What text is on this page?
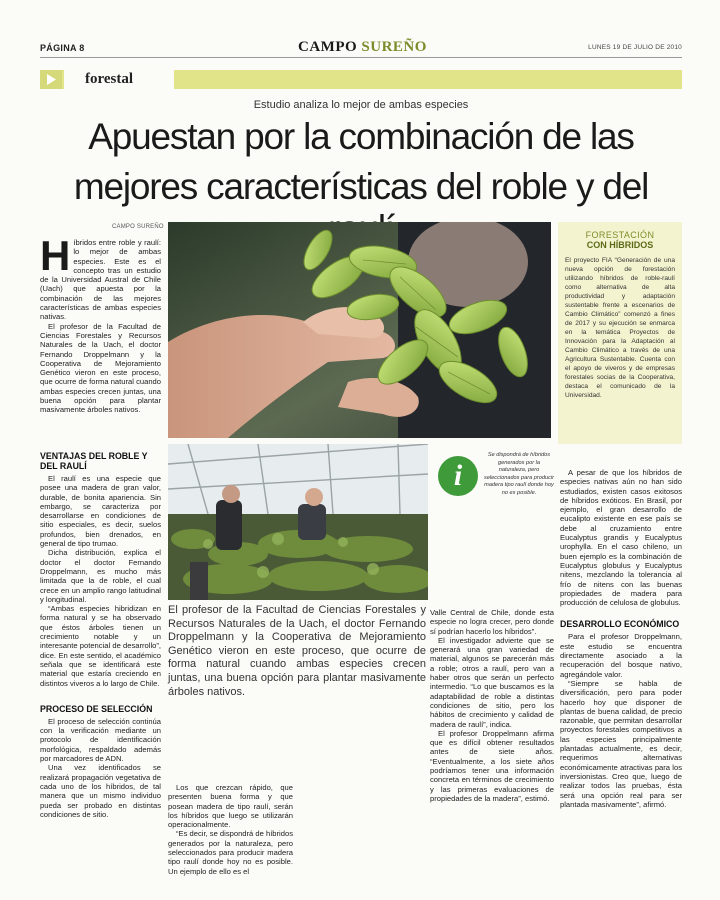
PÁGINA 8	CAMPO SUREÑO	LUNES 19 DE JULIO DE 2010
forestal
Estudio analiza lo mejor de ambas especies
Apuestan por la combinación de las
mejores características del roble y del
CAMPO SUREÑO
Híbridos entre roble y raulí: lo mejor de ambas especies. Este es el concepto tras un estudio de la Universidad Austral de Chile (Uach) que apuesta por la combinación de las mejores características de ambas especies nativas.

El profesor de la Facultad de Ciencias Forestales y Recursos Naturales de la Uach, el doctor Fernando Droppelmann y la Cooperativa de Mejoramiento Genético vieron en este proceso, que ocurre de forma natural cuando ambas especies crecen juntas, una buena opción para plantar masivamente árboles nativos.

VENTAJAS DEL ROBLE Y DEL RAULÍ

El raulí es una especie que posee una madera de gran valor, durable, de bonita apariencia. Sin embargo, se caracteriza por desarrollarse en condiciones de sitio especiales, es decir, suelos profundos, bien drenados, en general de tipo trumao.

Dicha distribución, explica el doctor el doctor Fernando Droppelmann, es mucho más limitada que la de roble, el cual crece en un amplio rango latitudinal y longitudinal.

“Ambas especies hibridizan en forma natural y se ha observado que éstos árboles tienen un crecimiento notable y un interesante potencial de desarrollo”, dice. En este sentido, el académico señala que se identificará este material que estaría creciendo en distintos viveros a lo largo de Chile.

PROCESO DE SELECCIÓN

El proceso de selección continúa con la verificación mediante un protocolo de identificación morfológica, respaldado además por marcadores de ADN.

Una vez identificados se realizará propagación vegetativa de cada uno de los híbridos, de tal manera que un mismo individuo pueda ser probado en distintas condiciones de sitio.

FORESTACIÓN
CON HÍBRIDOS
El proyecto FIA “Generación de una nueva opción de forestación utilizando híbridos de roble-raulí como alternativa de alta productividad y adaptación sustentable frente a escenarios de Cambio Climático” comenzó a fines de 2017 y su ejecución se enmarca en la temática Proyectos de Innovación para la Adaptación al Cambio Climático a través de una Agricultura Sustentable. Cuenta con el apoyo de viveros y de empresas forestales socias de la Cooperativa, destaca el comunicado de la Universidad.
i
Se dispondrá de híbridos generados por la naturaleza, pero seleccionados para producir madera tipo raulí donde hoy no es posible.
El profesor de la Facultad de Ciencias Forestales y Recursos Naturales de la Uach, el doctor Fernando Droppelmann y la Cooperativa de Mejoramiento Genético vieron en este proceso, que ocurre de forma natural cuando ambas especies crecen juntas, una buena opción para plantar masivamente árboles nativos.

Los que crezcan rápido, que presenten buena forma y que posean madera de tipo raulí, serán los híbridos que luego se utilizarán operacionalmente.

“Es decir, se dispondrá de híbridos generados por la naturaleza, pero seleccionados para producir madera tipo raulí donde hoy no es posible. Un ejemplo de ello es el

Valle Central de Chile, donde esta especie no logra crecer, pero donde sí podrían hacerlo los híbridos”.

El investigador advierte que se generará una gran variedad de material, algunos se parecerán más a roble; otros a raulí, pero van a haber otros que serán un perfecto intermedio. “Lo que buscamos es la adaptabilidad de roble a distintas condiciones de sitio, pero los hábitos de crecimiento y calidad de madera de raulí”, indica.

El profesor Droppelmann afirma que es difícil obtener resultados antes de siete años. “Eventualmente, a los siete años podríamos tener una información concreta en términos de crecimiento y las primeras evaluaciones de propiedades de la madera”, estimó.

A pesar de que los híbridos de especies nativas aún no han sido estudiados, existen casos exitosos de híbridos exóticos. En Brasil, por ejemplo, el gran desarrollo de eucalipto existente en ese país se debe al cruzamiento entre Eucalyptus grandis y Eucalyptus urophylla. En el caso chileno, un buen ejemplo es la combinación de Eucalyptus globulus y Eucalyptus nitens, mezclando la tolerancia al frío de nitens con las buenas propiedades de madera para producción de celulosa de globulus.

DESARROLLO ECONÓMICO

Para el profesor Droppelmann, este estudio se encuentra directamente asociado a la recuperación del bosque nativo, agregándole valor.

“Siempre se habla de diversificación, pero para poder hacerlo hoy que disponer de plantas de buena calidad, de precio razonable, que permitan desarrollar proyectos forestales competitivos a las especies principalmente plantadas actualmente, es decir, requerimos alternativas económicamente atractivas para los inversionistas. Creo que, luego de realizar todos las pruebas, ésta será una opción real para ser plantada masivamente”, afirmó.
